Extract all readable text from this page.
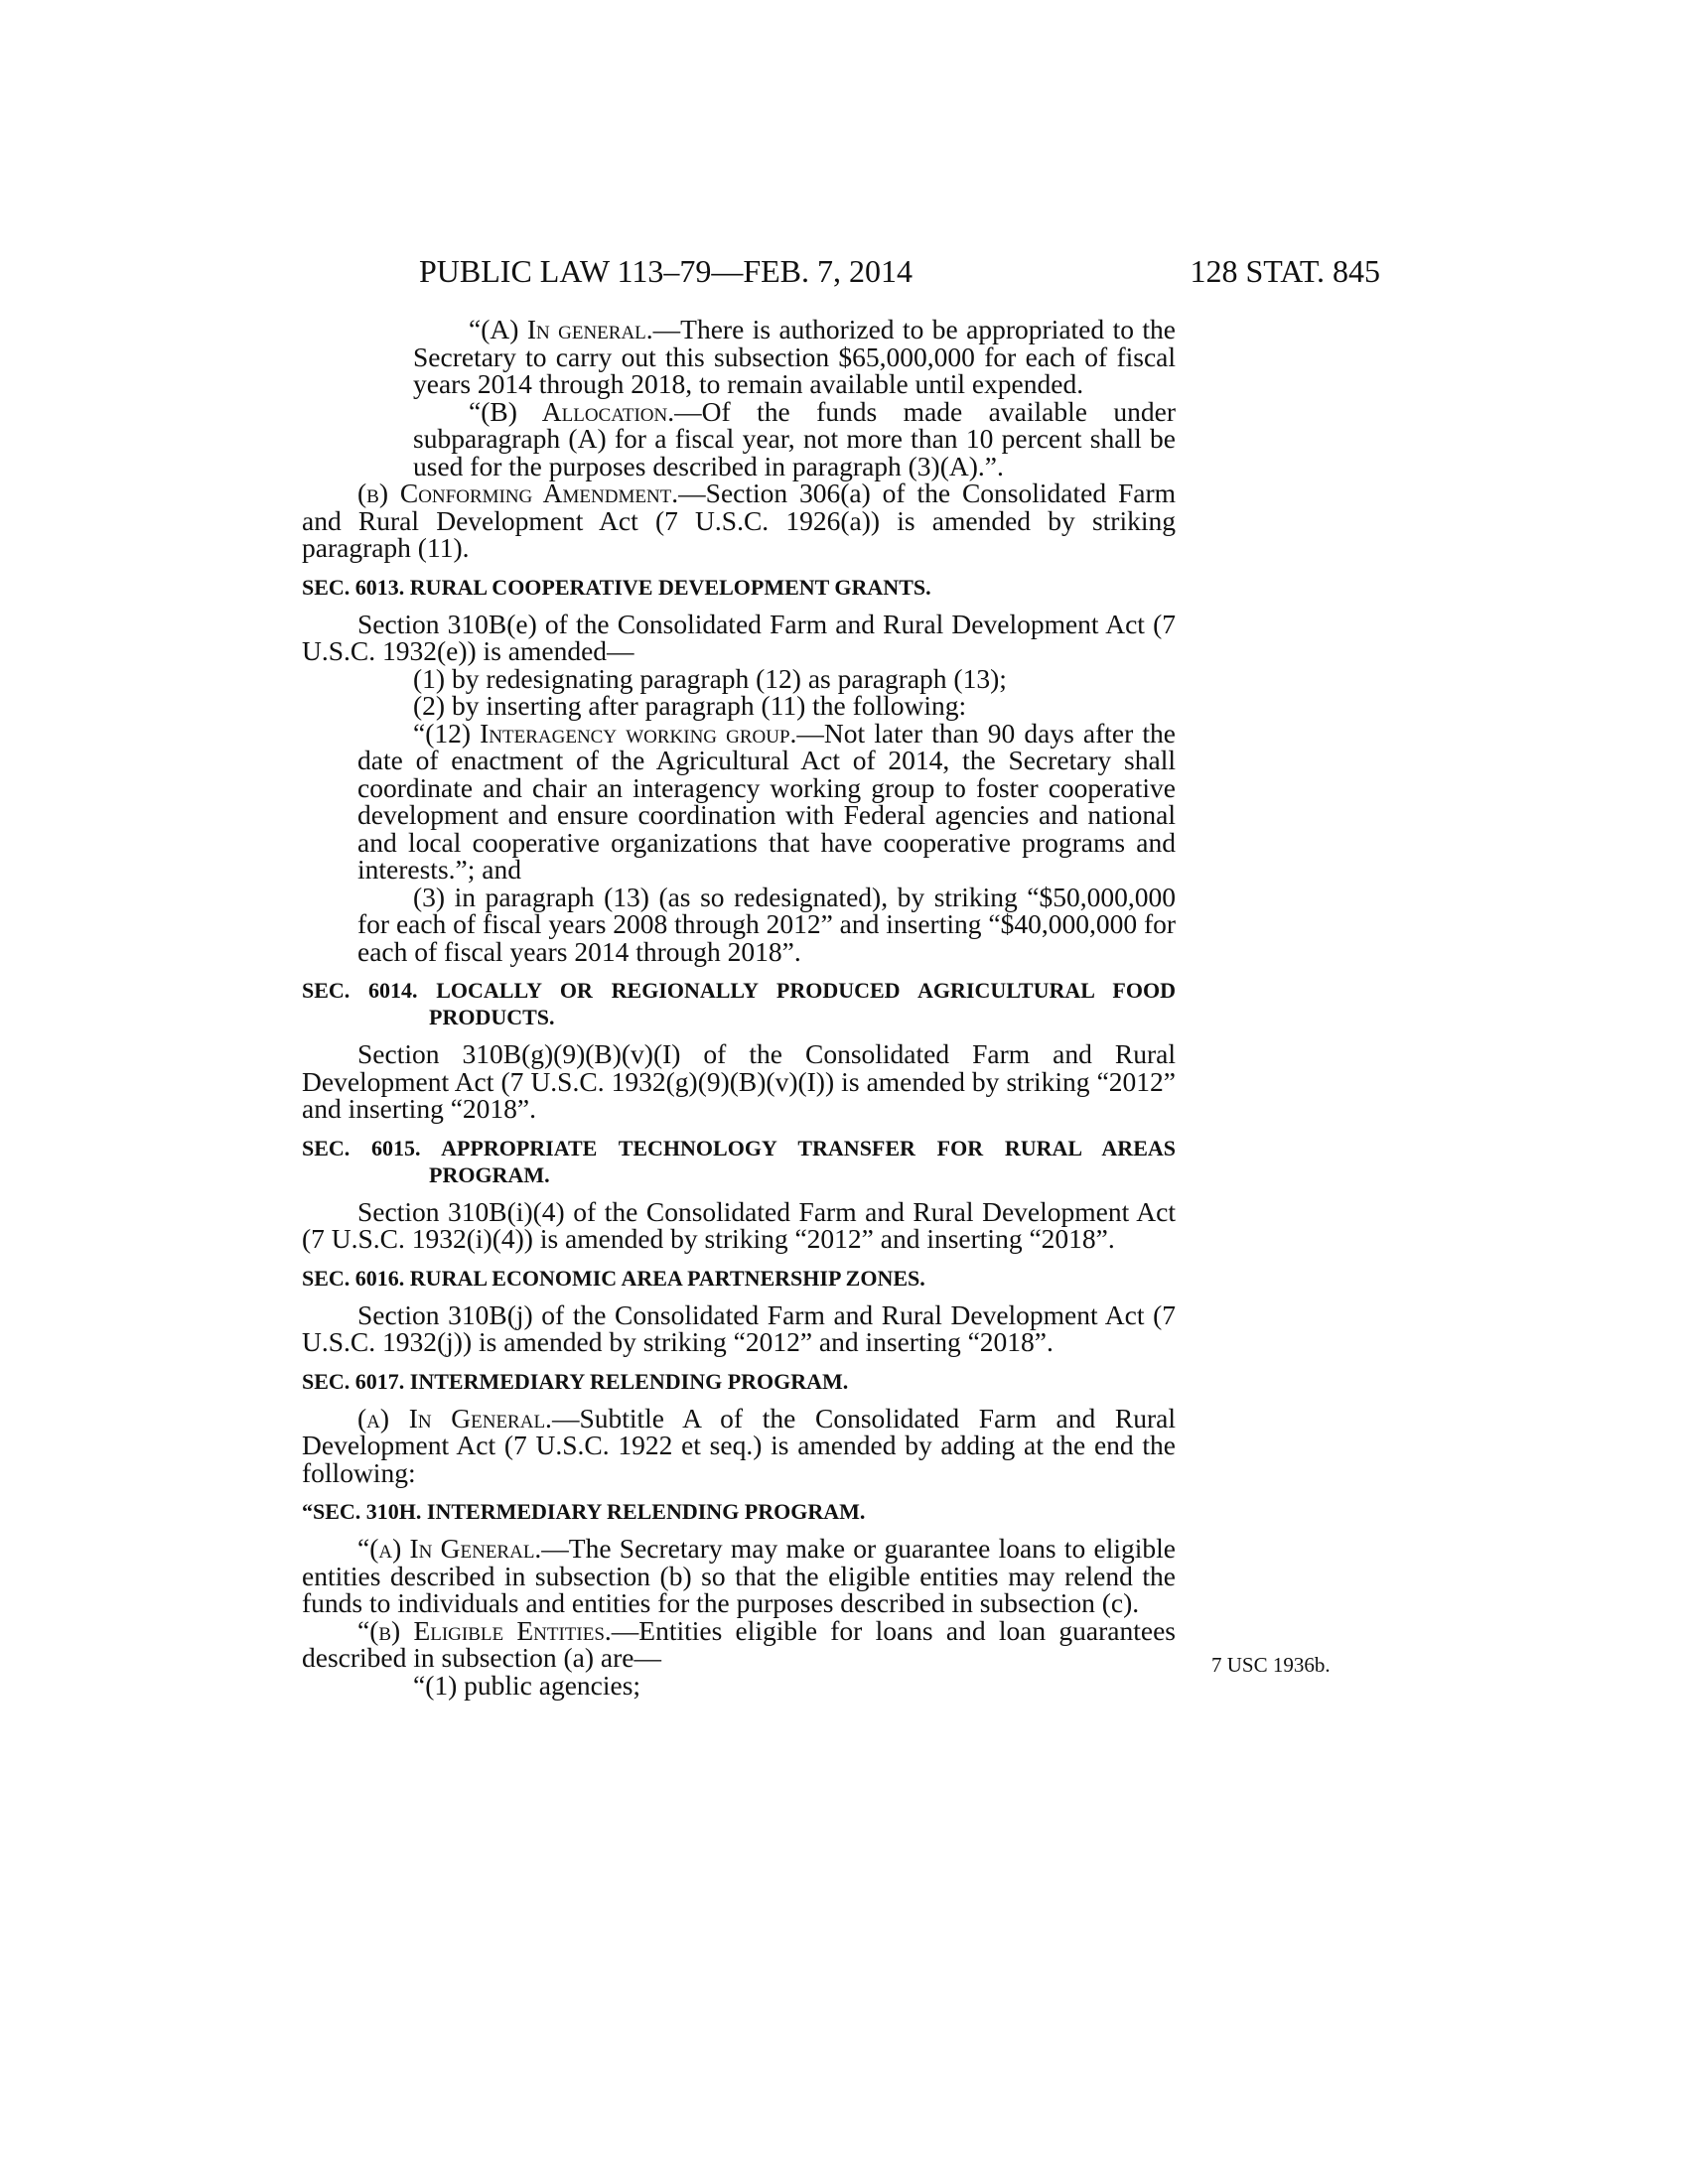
PUBLIC LAW 113–79—FEB. 7, 2014	128 STAT. 845

“(A) In general.—There is authorized to be appropriated to the Secretary to carry out this subsection $65,000,000 for each of fiscal years 2014 through 2018, to remain available until expended.

“(B) Allocation.—Of the funds made available under subparagraph (A) for a fiscal year, not more than 10 percent shall be used for the purposes described in paragraph (3)(A).”.

(b) Conforming Amendment.—Section 306(a) of the Consolidated Farm and Rural Development Act (7 U.S.C. 1926(a)) is amended by striking paragraph (11).

SEC. 6013. RURAL COOPERATIVE DEVELOPMENT GRANTS.

Section 310B(e) of the Consolidated Farm and Rural Development Act (7 U.S.C. 1932(e)) is amended—

(1) by redesignating paragraph (12) as paragraph (13);

(2) by inserting after paragraph (11) the following:

“(12) Interagency working group.—Not later than 90 days after the date of enactment of the Agricultural Act of 2014, the Secretary shall coordinate and chair an interagency working group to foster cooperative development and ensure coordination with Federal agencies and national and local cooperative organizations that have cooperative programs and interests.”; and

(3) in paragraph (13) (as so redesignated), by striking “$50,000,000 for each of fiscal years 2008 through 2012” and inserting “$40,000,000 for each of fiscal years 2014 through 2018”.

SEC. 6014. LOCALLY OR REGIONALLY PRODUCED AGRICULTURAL FOOD PRODUCTS.

Section 310B(g)(9)(B)(v)(I) of the Consolidated Farm and Rural Development Act (7 U.S.C. 1932(g)(9)(B)(v)(I)) is amended by striking “2012” and inserting “2018”.

SEC. 6015. APPROPRIATE TECHNOLOGY TRANSFER FOR RURAL AREAS PROGRAM.

Section 310B(i)(4) of the Consolidated Farm and Rural Development Act (7 U.S.C. 1932(i)(4)) is amended by striking “2012” and inserting “2018”.

SEC. 6016. RURAL ECONOMIC AREA PARTNERSHIP ZONES.

Section 310B(j) of the Consolidated Farm and Rural Development Act (7 U.S.C. 1932(j)) is amended by striking “2012” and inserting “2018”.

SEC. 6017. INTERMEDIARY RELENDING PROGRAM.

(a) In General.—Subtitle A of the Consolidated Farm and Rural Development Act (7 U.S.C. 1922 et seq.) is amended by adding at the end the following:

“SEC. 310H. INTERMEDIARY RELENDING PROGRAM.

“(a) In General.—The Secretary may make or guarantee loans to eligible entities described in subsection (b) so that the eligible entities may relend the funds to individuals and entities for the purposes described in subsection (c).

“(b) Eligible Entities.—Entities eligible for loans and loan guarantees described in subsection (a) are—

“(1) public agencies;

7 USC 1936b.
